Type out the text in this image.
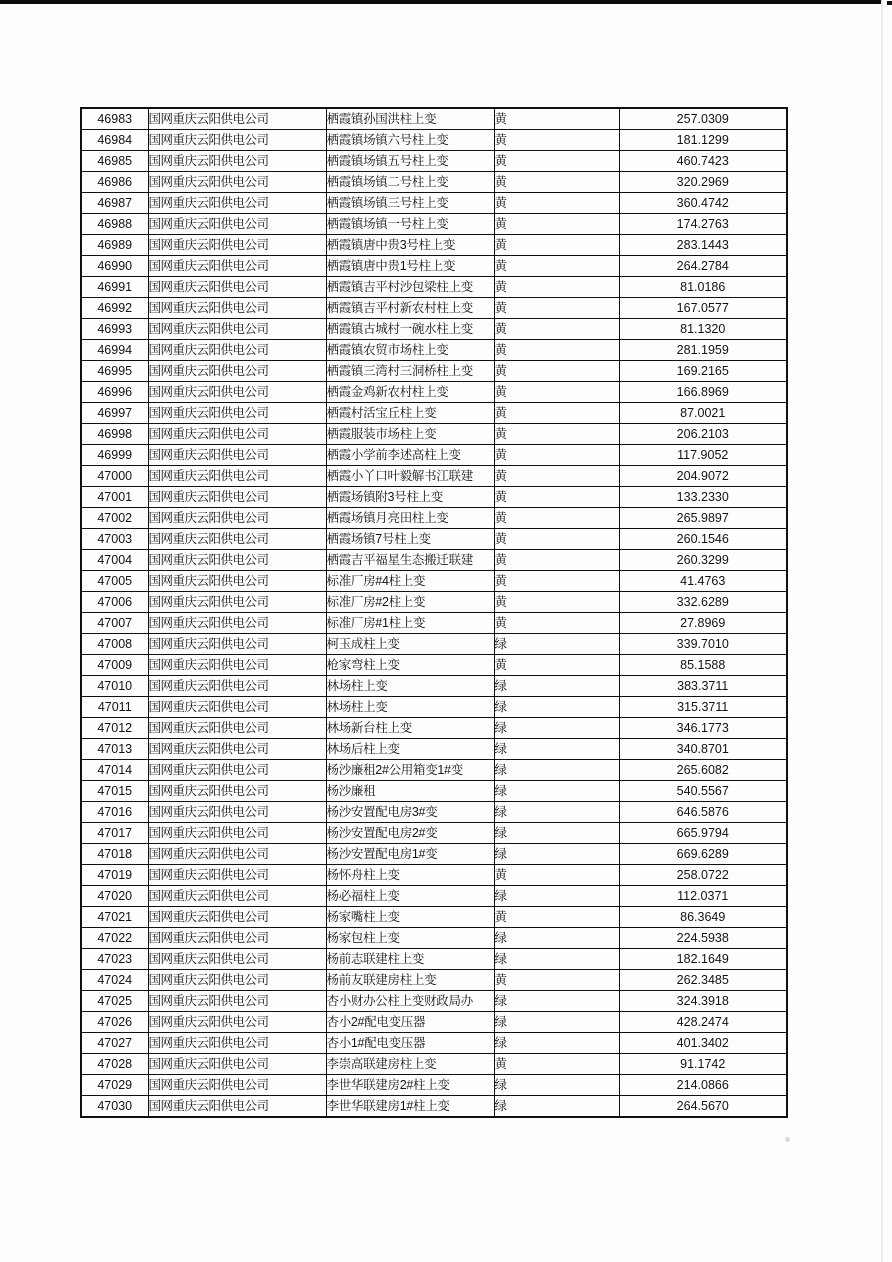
46983	国网重庆云阳供电公司	栖霞镇孙国洪柱上变	黄	257.0309
46984	国网重庆云阳供电公司	栖霞镇场镇六号柱上变	黄	181.1299
46985	国网重庆云阳供电公司	栖霞镇场镇五号柱上变	黄	460.7423
46986	国网重庆云阳供电公司	栖霞镇场镇二号柱上变	黄	320.2969
46987	国网重庆云阳供电公司	栖霞镇场镇三号柱上变	黄	360.4742
46988	国网重庆云阳供电公司	栖霞镇场镇一号柱上变	黄	174.2763
46989	国网重庆云阳供电公司	栖霞镇唐中贵3号柱上变	黄	283.1443
46990	国网重庆云阳供电公司	栖霞镇唐中贵1号柱上变	黄	264.2784
46991	国网重庆云阳供电公司	栖霞镇吉平村沙包梁柱上变	黄	81.0186
46992	国网重庆云阳供电公司	栖霞镇吉平村新农村柱上变	黄	167.0577
46993	国网重庆云阳供电公司	栖霞镇古城村一碗水柱上变	黄	81.1320
46994	国网重庆云阳供电公司	栖霞镇农贸市场柱上变	黄	281.1959
46995	国网重庆云阳供电公司	栖霞镇三湾村三洞桥柱上变	黄	169.2165
46996	国网重庆云阳供电公司	栖霞金鸡新农村柱上变	黄	166.8969
46997	国网重庆云阳供电公司	栖霞村活宝丘柱上变	黄	87.0021
46998	国网重庆云阳供电公司	栖霞服装市场柱上变	黄	206.2103
46999	国网重庆云阳供电公司	栖霞小学前李述高柱上变	黄	117.9052
47000	国网重庆云阳供电公司	栖霞小丫口叶毅解书江联建	黄	204.9072
47001	国网重庆云阳供电公司	栖霞场镇附3号柱上变	黄	133.2330
47002	国网重庆云阳供电公司	栖霞场镇月亮田柱上变	黄	265.9897
47003	国网重庆云阳供电公司	栖霞场镇7号柱上变	黄	260.1546
47004	国网重庆云阳供电公司	栖霞吉平福星生态搬迁联建	黄	260.3299
47005	国网重庆云阳供电公司	标准厂房#4柱上变	黄	41.4763
47006	国网重庆云阳供电公司	标准厂房#2柱上变	黄	332.6289
47007	国网重庆云阳供电公司	标准厂房#1柱上变	黄	27.8969
47008	国网重庆云阳供电公司	柯玉成柱上变	绿	339.7010
47009	国网重庆云阳供电公司	枪家弯柱上变	黄	85.1588
47010	国网重庆云阳供电公司	林场柱上变	绿	383.3711
47011	国网重庆云阳供电公司	林场柱上变	绿	315.3711
47012	国网重庆云阳供电公司	林场新台柱上变	绿	346.1773
47013	国网重庆云阳供电公司	林场后柱上变	绿	340.8701
47014	国网重庆云阳供电公司	杨沙廉租2#公用箱变1#变	绿	265.6082
47015	国网重庆云阳供电公司	杨沙廉租	绿	540.5567
47016	国网重庆云阳供电公司	杨沙安置配电房3#变	绿	646.5876
47017	国网重庆云阳供电公司	杨沙安置配电房2#变	绿	665.9794
47018	国网重庆云阳供电公司	杨沙安置配电房1#变	绿	669.6289
47019	国网重庆云阳供电公司	杨怀舟柱上变	黄	258.0722
47020	国网重庆云阳供电公司	杨必福柱上变	绿	112.0371
47021	国网重庆云阳供电公司	杨家嘴柱上变	黄	86.3649
47022	国网重庆云阳供电公司	杨家包柱上变	绿	224.5938
47023	国网重庆云阳供电公司	杨前志联建柱上变	绿	182.1649
47024	国网重庆云阳供电公司	杨前友联建房柱上变	黄	262.3485
47025	国网重庆云阳供电公司	杏小财办公柱上变财政局办	绿	324.3918
47026	国网重庆云阳供电公司	杏小2#配电变压器	绿	428.2474
47027	国网重庆云阳供电公司	杏小1#配电变压器	绿	401.3402
47028	国网重庆云阳供电公司	李崇高联建房柱上变	黄	91.1742
47029	国网重庆云阳供电公司	李世华联建房2#柱上变	绿	214.0866
47030	国网重庆云阳供电公司	李世华联建房1#柱上变	绿	264.5670
